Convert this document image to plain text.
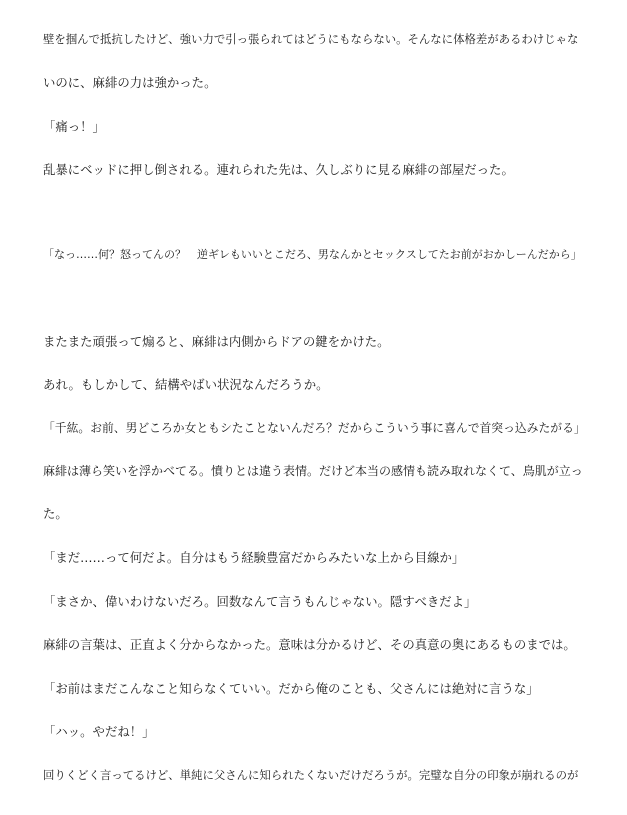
壁を掴んで抵抗したけど、強い力で引っ張られてはどうにもならない。そんなに体格差があるわけじゃな
いのに、麻緋の力は強かった。
「痛っ！」
乱暴にベッドに押し倒される。連れられた先は、久しぶりに見る麻緋の部屋だった。
「なっ……何？怒ってんの？　逆ギレもいいとこだろ、男なんかとセックスしてたお前がおかしーんだから」
またまた頑張って煽ると、麻緋は内側からドアの鍵をかけた。
あれ。もしかして、結構やばい状況なんだろうか。
「千紘。お前、男どころか女ともシたことないんだろ？だからこういう事に喜んで首突っ込みたがる」
麻緋は薄ら笑いを浮かべてる。憤りとは違う表情。だけど本当の感情も読み取れなくて、鳥肌が立っ
た。
「まだ……って何だよ。自分はもう経験豊富だからみたいな上から目線か」
「まさか、偉いわけないだろ。回数なんて言うもんじゃない。隠すべきだよ」
麻緋の言葉は、正直よく分からなかった。意味は分かるけど、その真意の奥にあるものまでは。
「お前はまだこんなこと知らなくていい。だから俺のことも、父さんには絶対に言うな」
「ハッ。やだね！」
回りくどく言ってるけど、単純に父さんに知られたくないだけだろうが。完璧な自分の印象が崩れるのが
